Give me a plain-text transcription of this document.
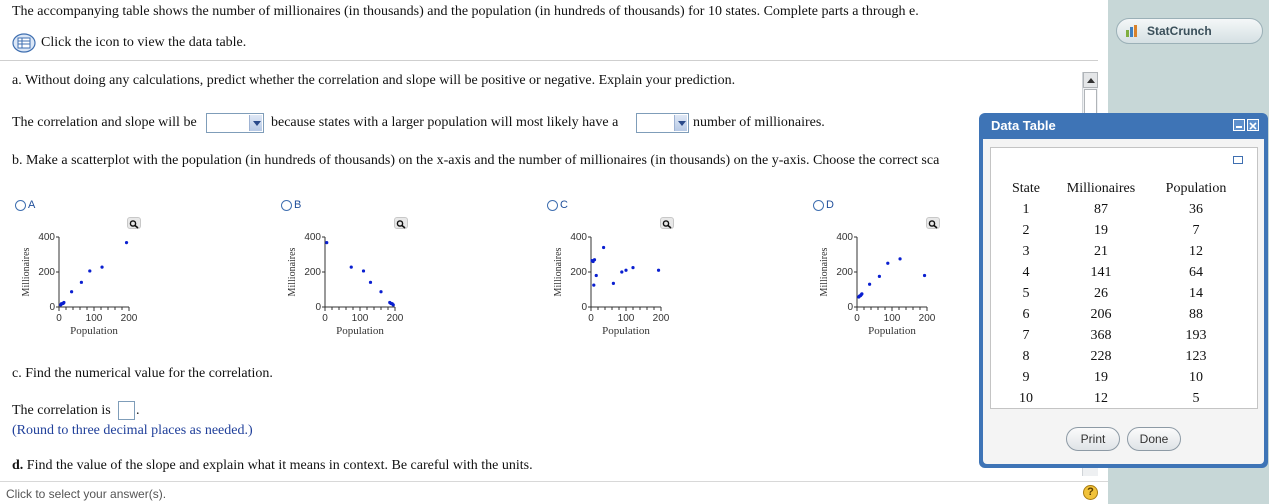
The accompanying table shows the number of millionaires (in thousands) and the population (in hundreds of thousands) for 10 states. Complete parts a through e.
Click the icon to view the data table.
a. Without doing any calculations, predict whether the correlation and slope will be positive or negative. Explain your prediction.
The correlation and slope will be	because states with a larger population will most likely have a	number of millionaires.
b. Make a scatterplot with the population (in hundreds of thousands) on the x-axis and the number of millionaires (in thousands) on the y-axis. Choose the correct sca
A	B	C	D
0 100 200
0
200
400
Population
Millionaires
0 100 200
0
200
400
Population
Millionaires
0 100 200
0
200
400
Population
Millionaires
0 100 200
0
200
400
Population
Millionaires
c. Find the numerical value for the correlation.
The correlation is .
(Round to three decimal places as needed.)
d. Find the value of the slope and explain what it means in context. Be careful with the units.
Click to select your answer(s).	?
StatCrunch
Data Table
State	Millionaires	Population
1	87	36
2	19	7
3	21	12
4	141	64
5	26	14
6	206	88
7	368	193
8	228	123
9	19	10
10	12	5
Print	Done
